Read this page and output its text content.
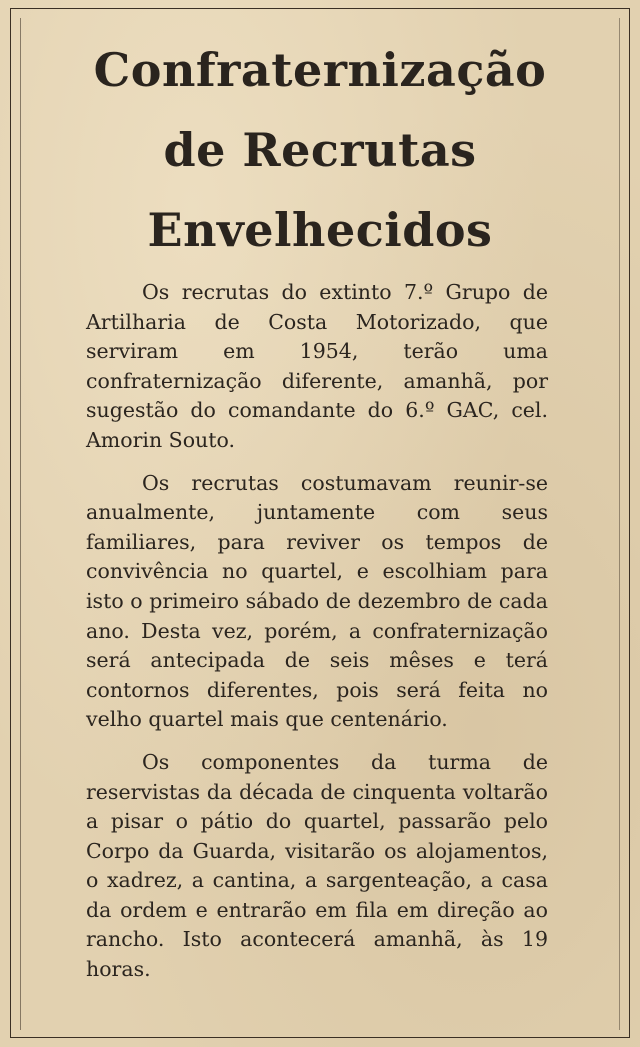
Confraternização
de Recrutas
Envelhecidos

Os recrutas do extinto 7.º Grupo de Artilharia de Costa Motorizado, que serviram em 1954, terão uma confraternização diferente, amanhã, por sugestão do comandante do 6.º GAC, cel. Amorin Souto.

Os recrutas costumavam reunir-se anualmente, juntamente com seus familiares, para reviver os tempos de convivência no quartel, e escolhiam para isto o primeiro sábado de dezembro de cada ano. Desta vez, porém, a confraternização será antecipada de seis mêses e terá contornos diferentes, pois será feita no velho quartel mais que centenário.

Os componentes da turma de reservistas da década de cinquenta voltarão a pisar o pátio do quartel, passarão pelo Corpo da Guarda, visitarão os alojamentos, o xadrez, a cantina, a sargenteação, a casa da ordem e entrarão em fila em direção ao rancho. Isto acontecerá amanhã, às 19 horas.
